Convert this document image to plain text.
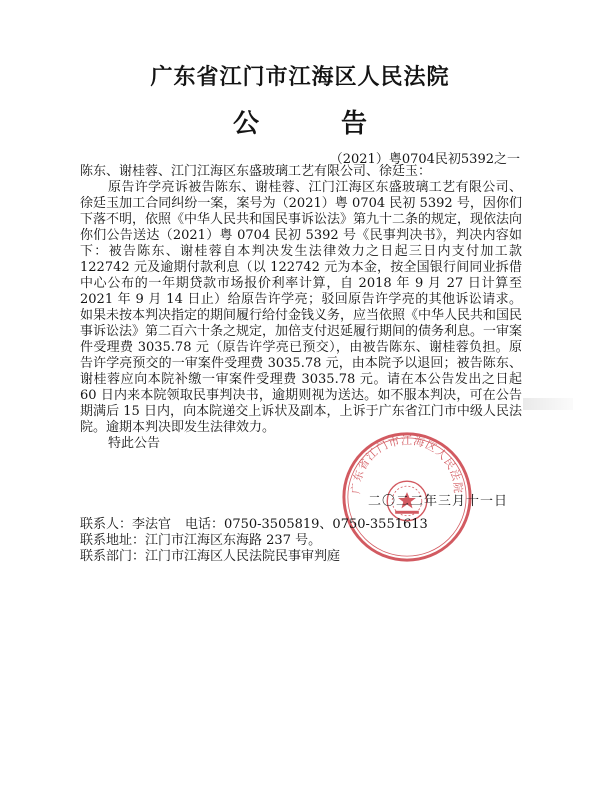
广东省江门市江海区人民法院
公　告
（2021）粤0704民初5392之一

陈东、谢桂蓉、江门江海区东盛玻璃工艺有限公司、徐廷玉：

原告许学亮诉被告陈东、谢桂蓉、江门江海区东盛玻璃工艺有限公司、徐廷玉加工合同纠纷一案，案号为（2021）粤 0704 民初 5392 号，因你们下落不明，依照《中华人民共和国民事诉讼法》第九十二条的规定，现依法向你们公告送达（2021）粤 0704 民初 5392 号《民事判决书》，判决内容如下：被告陈东、谢桂蓉自本判决发生法律效力之日起三日内支付加工款 122742 元及逾期付款利息（以 122742 元为本金，按全国银行间同业拆借中心公布的一年期贷款市场报价利率计算，自 2018 年 9 月 27 日计算至 2021 年 9 月 14 日止）给原告许学亮；驳回原告许学亮的其他诉讼请求。如果未按本判决指定的期间履行给付金钱义务，应当依照《中华人民共和国民事诉讼法》第二百六十条之规定，加倍支付迟延履行期间的债务利息。一审案件受理费 3035.78 元（原告许学亮已预交），由被告陈东、谢桂蓉负担。原告许学亮预交的一审案件受理费 3035.78 元，由本院予以退回；被告陈东、谢桂蓉应向本院补缴一审案件受理费 3035.78 元。请在本公告发出之日起 60 日内来本院领取民事判决书，逾期则视为送达。如不服本判决，可在公告期满后 15 日内，向本院递交上诉状及副本，上诉于广东省江门市中级人民法院。逾期本判决即发生法律效力。

特此公告

广东省江门市江海区人民法院
二〇二二年三月十一日
联系人：李法官 电话：0750-3505819、0750-3551613
联系地址：江门市江海区东海路 237 号。
联系部门：江门市江海区人民法院民事审判庭
